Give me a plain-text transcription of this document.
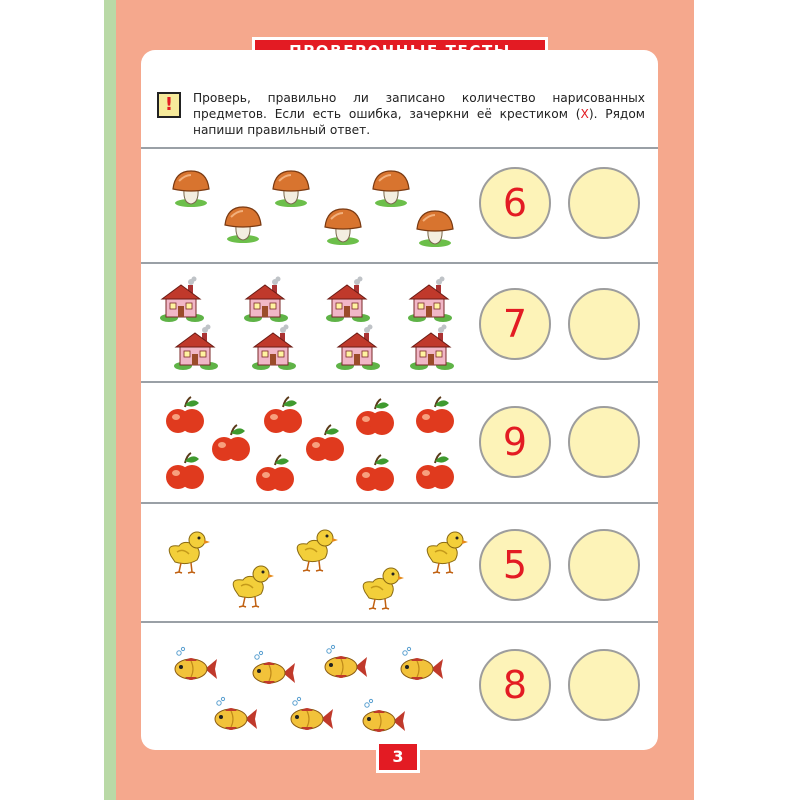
!	Проверь, правильно ли записано количество нарисованных предметов. Если есть ошибка, зачеркни её крестиком (X). Рядом напиши правильный ответ.
6
7
9
5
8
3
